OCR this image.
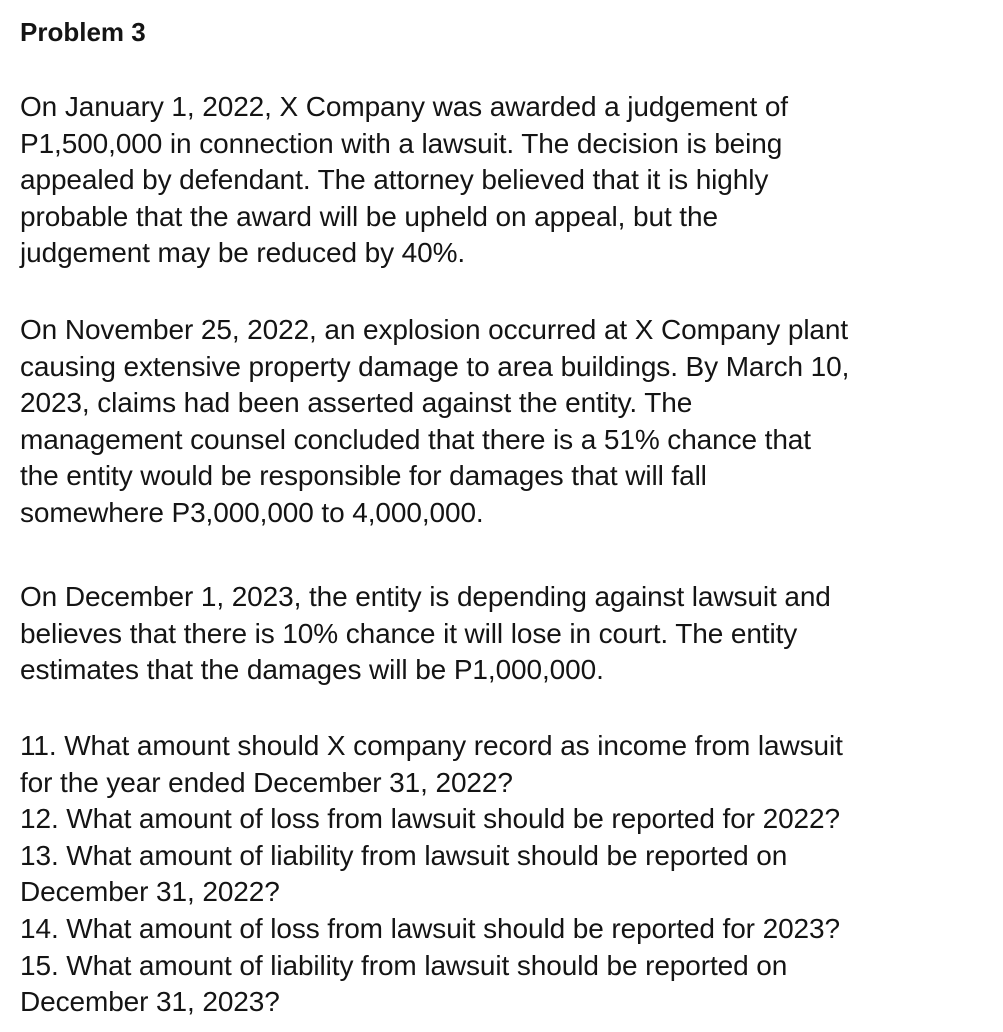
Problem 3

On January 1, 2022, X Company was awarded a judgement of
P1,500,000 in connection with a lawsuit. The decision is being
appealed by defendant. The attorney believed that it is highly
probable that the award will be upheld on appeal, but the
judgement may be reduced by 40%.

On November 25, 2022, an explosion occurred at X Company plant
causing extensive property damage to area buildings. By March 10,
2023, claims had been asserted against the entity. The
management counsel concluded that there is a 51% chance that
the entity would be responsible for damages that will fall
somewhere P3,000,000 to 4,000,000.

On December 1, 2023, the entity is depending against lawsuit and
believes that there is 10% chance it will lose in court. The entity
estimates that the damages will be P1,000,000.

11. What amount should X company record as income from lawsuit
for the year ended December 31, 2022?
12. What amount of loss from lawsuit should be reported for 2022?
13. What amount of liability from lawsuit should be reported on
December 31, 2022?
14. What amount of loss from lawsuit should be reported for 2023?
15. What amount of liability from lawsuit should be reported on
December 31, 2023?
